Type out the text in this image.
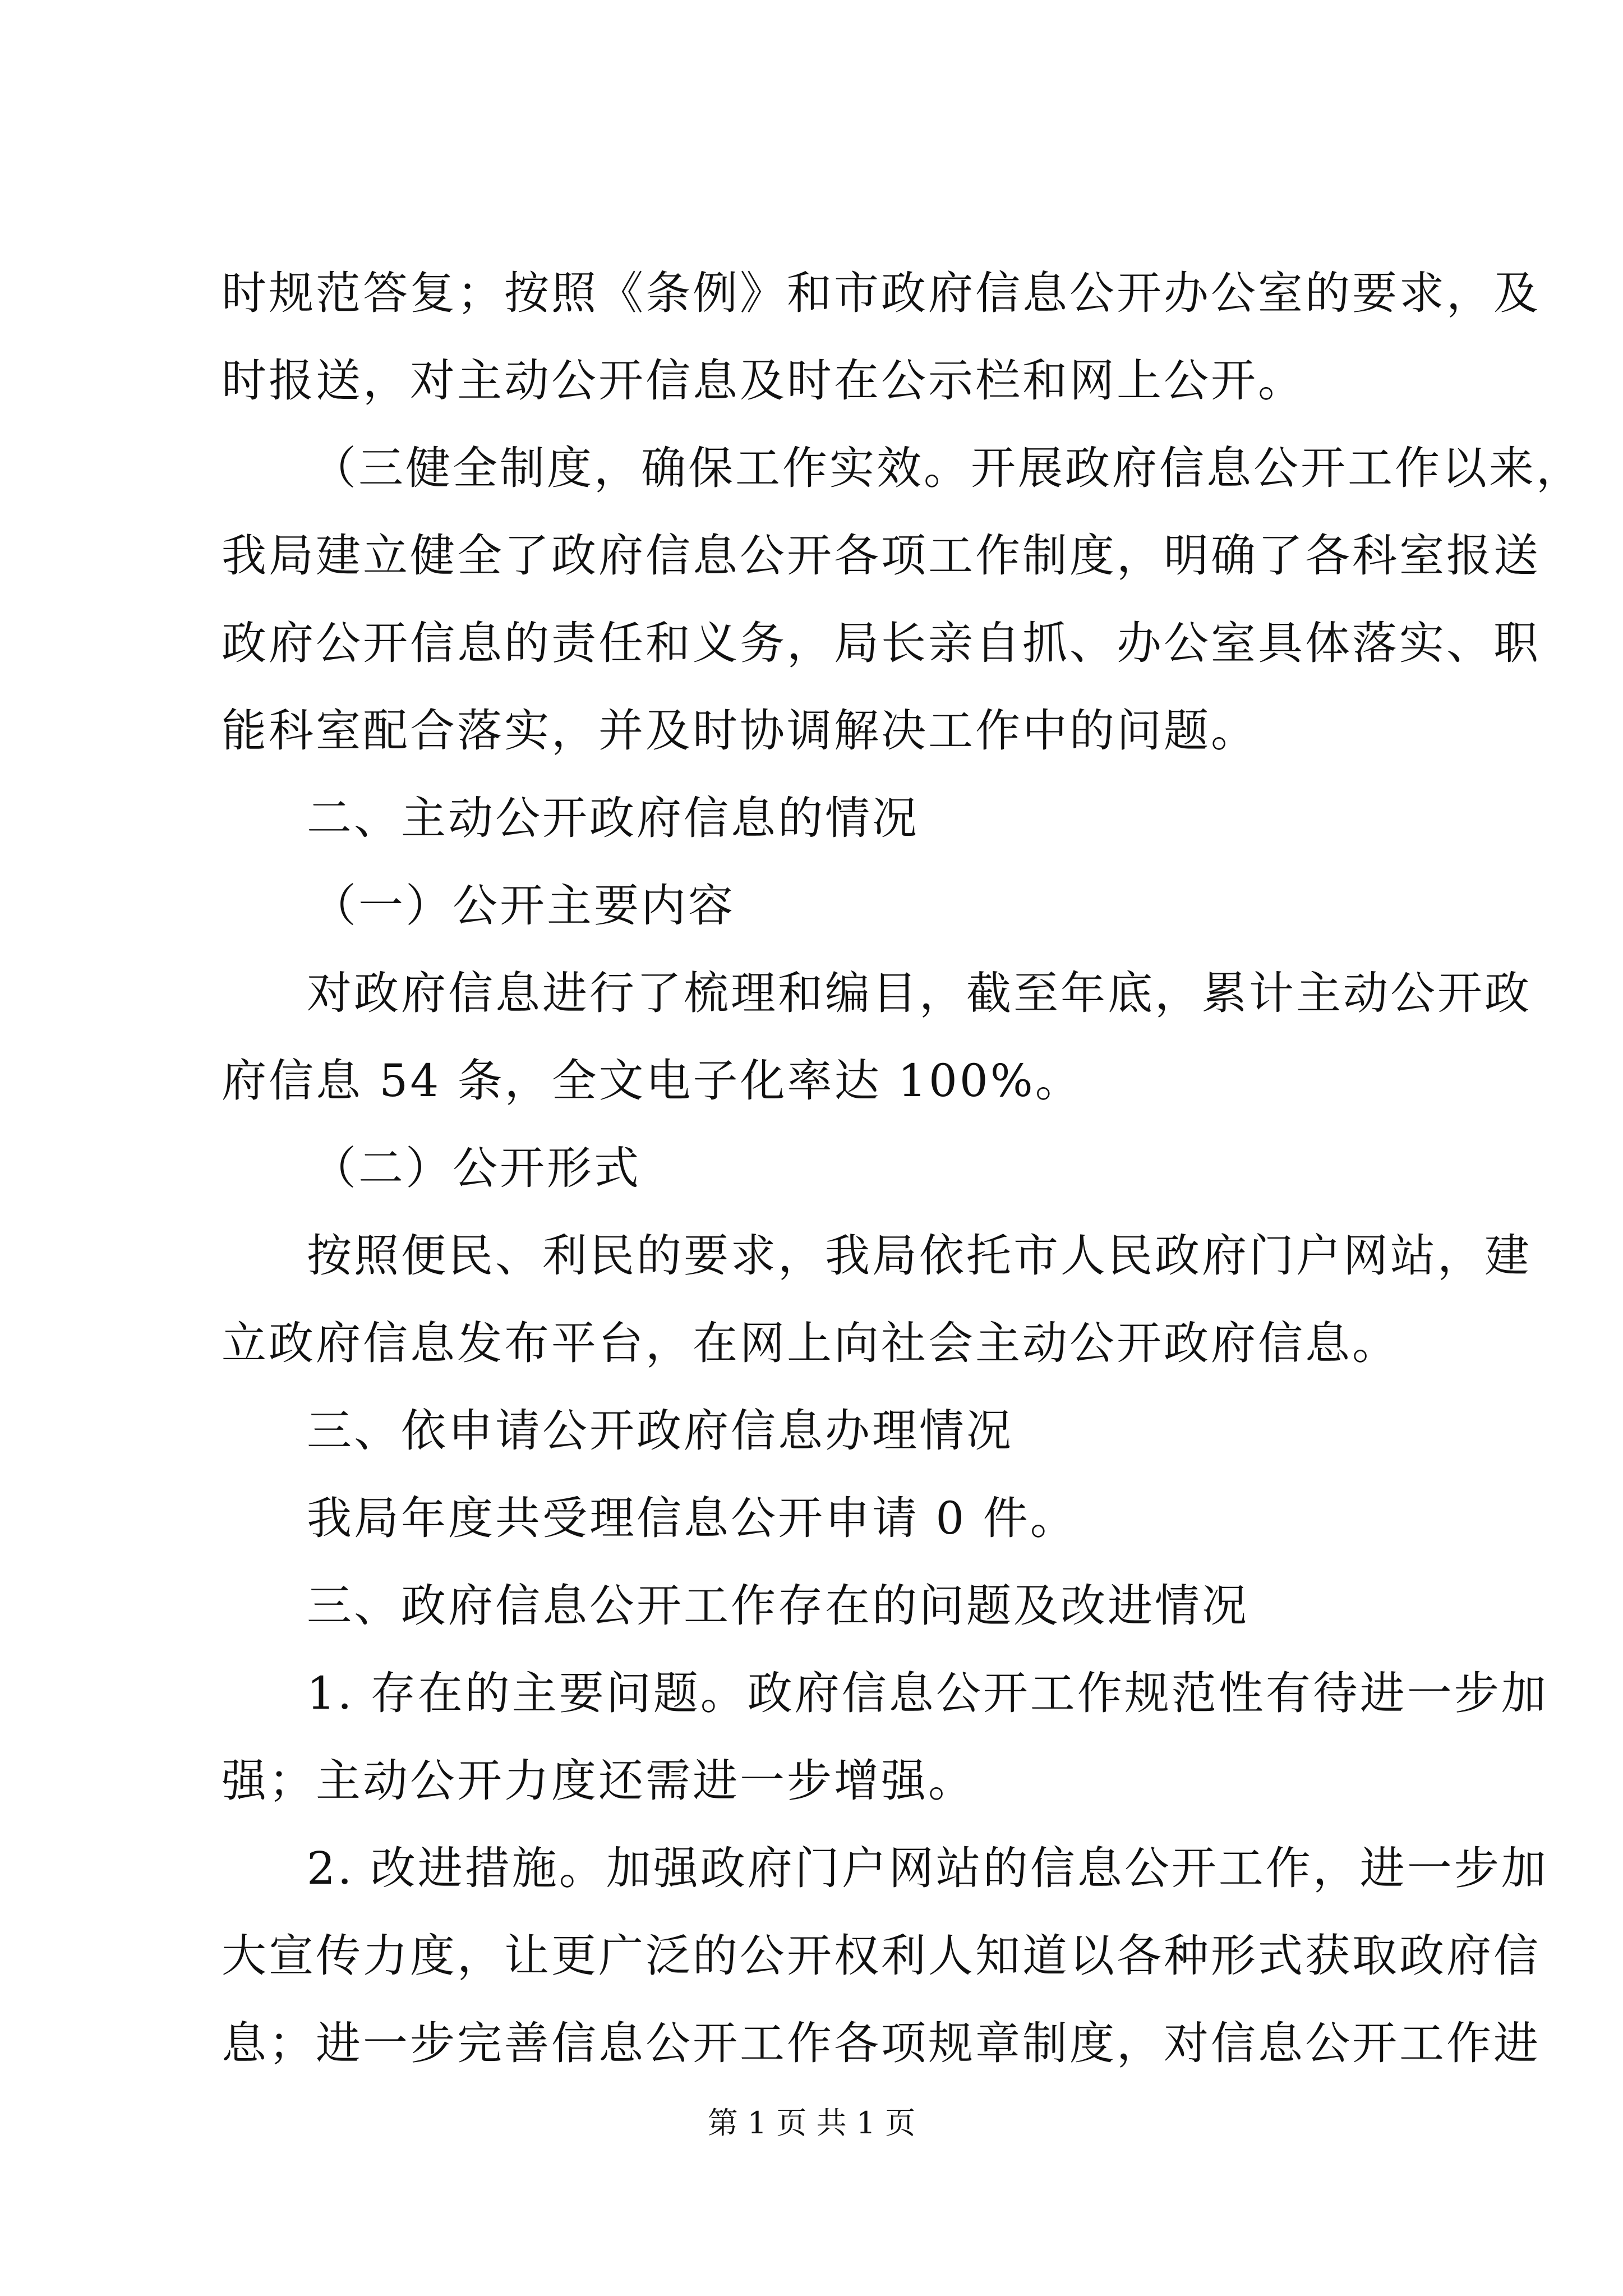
时规范答复；按照《条例》和市政府信息公开办公室的要求，及
时报送，对主动公开信息及时在公示栏和网上公开。
（三健全制度，确保工作实效。开展政府信息公开工作以来，
我局建立健全了政府信息公开各项工作制度，明确了各科室报送
政府公开信息的责任和义务，局长亲自抓、办公室具体落实、职
能科室配合落实，并及时协调解决工作中的问题。
二、主动公开政府信息的情况
（一）公开主要内容
对政府信息进行了梳理和编目，截至年底，累计主动公开政
府信息 54 条，全文电子化率达 100%。
（二）公开形式
按照便民、利民的要求，我局依托市人民政府门户网站，建
立政府信息发布平台，在网上向社会主动公开政府信息。
三、依申请公开政府信息办理情况
我局年度共受理信息公开申请 0 件。
三、政府信息公开工作存在的问题及改进情况
1. 存在的主要问题。政府信息公开工作规范性有待进一步加
强；主动公开力度还需进一步增强。
2. 改进措施。加强政府门户网站的信息公开工作，进一步加
大宣传力度，让更广泛的公开权利人知道以各种形式获取政府信
息；进一步完善信息公开工作各项规章制度，对信息公开工作进
第 1 页 共 1 页
